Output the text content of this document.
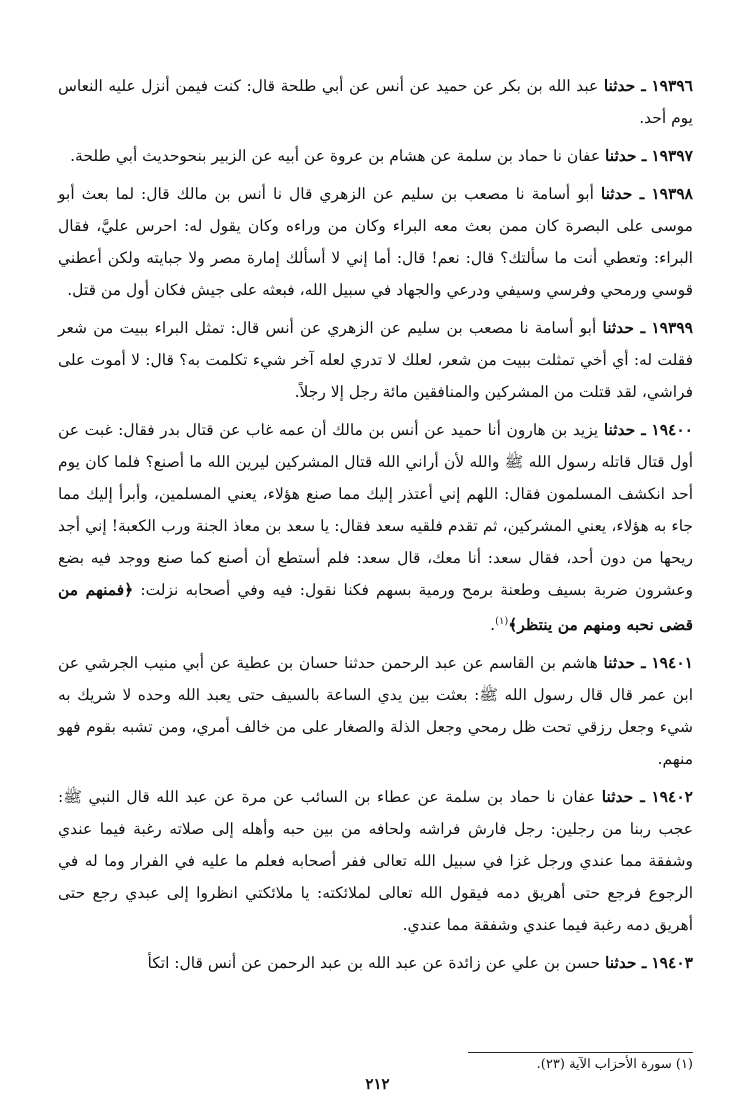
١٩٣٩٦ ـ حدثنا عبد الله بن بكر عن حميد عن أنس عن أبي طلحة قال: كنت فيمن أنزل عليه النعاس يوم أحد.

١٩٣٩٧ ـ حدثنا عفان نا حماد بن سلمة عن هشام بن عروة عن أبيه عن الزبير بنحوحديث أبي طلحة.

١٩٣٩٨ ـ حدثنا أبو أسامة نا مصعب بن سليم عن الزهري قال نا أنس بن مالك قال: لما بعث أبو موسى على البصرة كان ممن بعث معه البراء وكان من وراءه وكان يقول له: احرس عليَّ، فقال البراء: وتعطي أنت ما سألتك؟ قال: نعم! قال: أما إني لا أسألك إمارة مصر ولا جبايته ولكن أعطني قوسي ورمحي وفرسي وسيفي ودرعي والجهاد في سبيل الله، فبعثه على جيش فكان أول من قتل.

١٩٣٩٩ ـ حدثنا أبو أسامة نا مصعب بن سليم عن الزهري عن أنس قال: تمثل البراء ببيت من شعر فقلت له: أي أخي تمثلت ببيت من شعر، لعلك لا تدري لعله آخر شيء تكلمت به؟ قال: لا أموت على فراشي، لقد قتلت من المشركين والمنافقين مائة رجل إلا رجلاً.

١٩٤٠٠ ـ حدثنا يزيد بن هارون أنا حميد عن أنس بن مالك أن عمه غاب عن قتال بدر فقال: غبت عن أول قتال قاتله رسول الله ﷺ والله لأن أراني الله قتال المشركين ليرين الله ما أصنع؟ فلما كان يوم أحد انكشف المسلمون فقال: اللهم إني أعتذر إليك مما صنع هؤلاء، يعني المسلمين، وأبرأ إليك مما جاء به هؤلاء، يعني المشركين، ثم تقدم فلقيه سعد فقال: يا سعد بن معاذ الجنة ورب الكعبة! إني أجد ريحها من دون أحد، فقال سعد: أنا معك، قال سعد: فلم أستطع أن أصنع كما صنع ووجد فيه بضع وعشرون ضربة بسيف وطعنة برمح ورمية بسهم فكنا نقول: فيه وفي أصحابه نزلت: ﴿فمنهم من قضى نحبه ومنهم من ينتظر﴾$^{(١)}$.

١٩٤٠١ ـ حدثنا هاشم بن القاسم عن عبد الرحمن حدثنا حسان بن عطية عن أبي منيب الجرشي عن ابن عمر قال قال رسول الله ﷺ: بعثت بين يدي الساعة بالسيف حتى يعبد الله وحده لا شريك به شيء وجعل رزقي تحت ظل رمحي وجعل الذلة والصغار على من خالف أمري، ومن تشبه بقوم فهو منهم.

١٩٤٠٢ ـ حدثنا عفان نا حماد بن سلمة عن عطاء بن السائب عن مرة عن عبد الله قال النبي ﷺ: عجب ربنا من رجلين: رجل فارش فراشه ولحافه من بين حبه وأهله إلى صلاته رغبة فيما عندي وشفقة مما عندي ورجل غزا في سبيل الله تعالى ففر أصحابه فعلم ما عليه في الفرار وما له في الرجوع فرجع حتى أهريق دمه فيقول الله تعالى لملائكته: يا ملائكتي انظروا إلى عبدي رجع حتى أهريق دمه رغبة فيما عندي وشفقة مما عندي.

١٩٤٠٣ ـ حدثنا حسن بن علي عن زائدة عن عبد الله بن عبد الرحمن عن أنس قال: اتكأ

(١) سورة الأحزاب الآية (٢٣).
٢١٢
